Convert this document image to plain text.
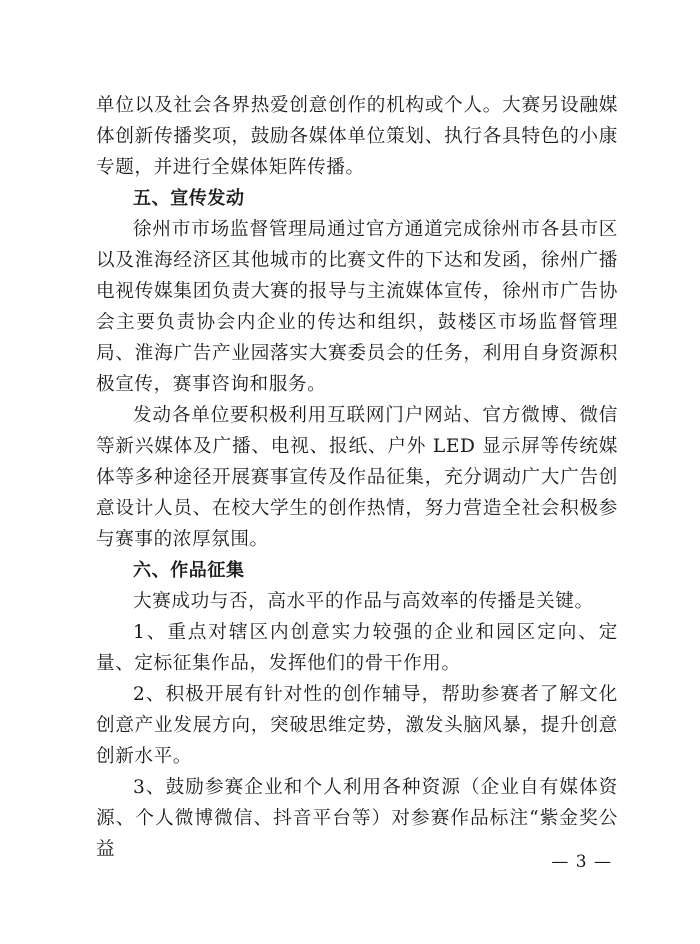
单位以及社会各界热爱创意创作的机构或个人。大赛另设融媒体创新传播奖项，鼓励各媒体单位策划、执行各具特色的小康专题，并进行全媒体矩阵传播。

五、宣传发动

徐州市市场监督管理局通过官方通道完成徐州市各县市区以及淮海经济区其他城市的比赛文件的下达和发函，徐州广播电视传媒集团负责大赛的报导与主流媒体宣传，徐州市广告协会主要负责协会内企业的传达和组织，鼓楼区市场监督管理局、淮海广告产业园落实大赛委员会的任务，利用自身资源积极宣传，赛事咨询和服务。

发动各单位要积极利用互联网门户网站、官方微博、微信等新兴媒体及广播、电视、报纸、户外 LED 显示屏等传统媒体等多种途径开展赛事宣传及作品征集，充分调动广大广告创意设计人员、在校大学生的创作热情，努力营造全社会积极参与赛事的浓厚氛围。

六、作品征集

大赛成功与否，高水平的作品与高效率的传播是关键。

1、重点对辖区内创意实力较强的企业和园区定向、定量、定标征集作品，发挥他们的骨干作用。

2、积极开展有针对性的创作辅导，帮助参赛者了解文化创意产业发展方向，突破思维定势，激发头脑风暴，提升创意创新水平。

3、鼓励参赛企业和个人利用各种资源（企业自有媒体资源、个人微博微信、抖音平台等）对参赛作品标注“紫金奖公益

— 3 —
